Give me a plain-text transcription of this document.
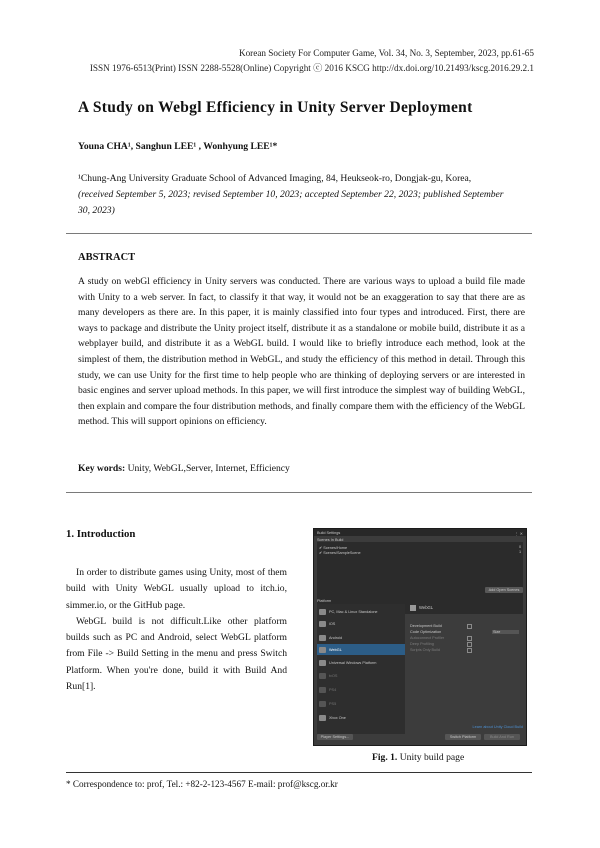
Korean Society For Computer Game, Vol. 34, No. 3, September, 2023, pp.61-65
ISSN 1976-6513(Print) ISSN 2288-5528(Online) Copyright ⓒ 2016 KSCG http://dx.doi.org/10.21493/kscg.2016.29.2.1
A Study on Webgl Efficiency in Unity Server Deployment
Youna CHA¹, Sanghun LEE¹ , Wonhyung LEE¹*
¹Chung-Ang University Graduate School of Advanced Imaging, 84, Heukseok-ro, Dongjak-gu, Korea,
(received September 5, 2023; revised September 10, 2023; accepted September 22, 2023; published September 30, 2023)
ABSTRACT
A study on webGl efficiency in Unity servers was conducted. There are various ways to upload a build file made with Unity to a web server. In fact, to classify it that way, it would not be an exaggeration to say that there are as many developers as there are. In this paper, it is mainly classified into four types and introduced. First, there are ways to package and distribute the Unity project itself, distribute it as a standalone or mobile build, distribute it as a webplayer build, and distribute it as a WebGL build. I would like to briefly introduce each method, look at the simplest of them, the distribution method in WebGL, and study the efficiency of this method in detail. Through this study, we can use Unity for the first time to help people who are thinking of deploying servers or are interested in basic engines and server upload methods. In this paper, we will first introduce the simplest way of building WebGL, then explain and compare the four distribution methods, and finally compare them with the efficiency of the WebGL method. This will support opinions on efficiency.
Key words: Unity, WebGL,Server, Internet, Efficiency
1. Introduction

In order to distribute games using Unity, most of them build with Unity WebGL usually upload to itch.io, simmer.io, or the GitHub page.

WebGL build is not difficult.Like other platform builds such as PC and Android, select WebGL platform from File -> Build Setting in the menu and press Switch Platform. When you're done, build it with Build And Run[1].

Build Settings	⋮ ✕
Scenes In Build
✔ Scenes/Home	0
✔ Scenes/SampleScene	1
Add Open Scenes
Platform
PC, Mac & Linux Standalone
iOS
Android
WebGL
Universal Windows Platform
tvOS
PS4
PS5
Xbox One
WebGL
Development Build
Code Optimization	Size
Autoconnect Profiler
Deep Profiling
Scripts Only Build
Learn about Unity Cloud Build
Player Settings...	Switch Platform	Build And Run
Fig. 1. Unity build page
* Correspondence to: prof, Tel.: +82-2-123-4567 E-mail: prof@kscg.or.kr
